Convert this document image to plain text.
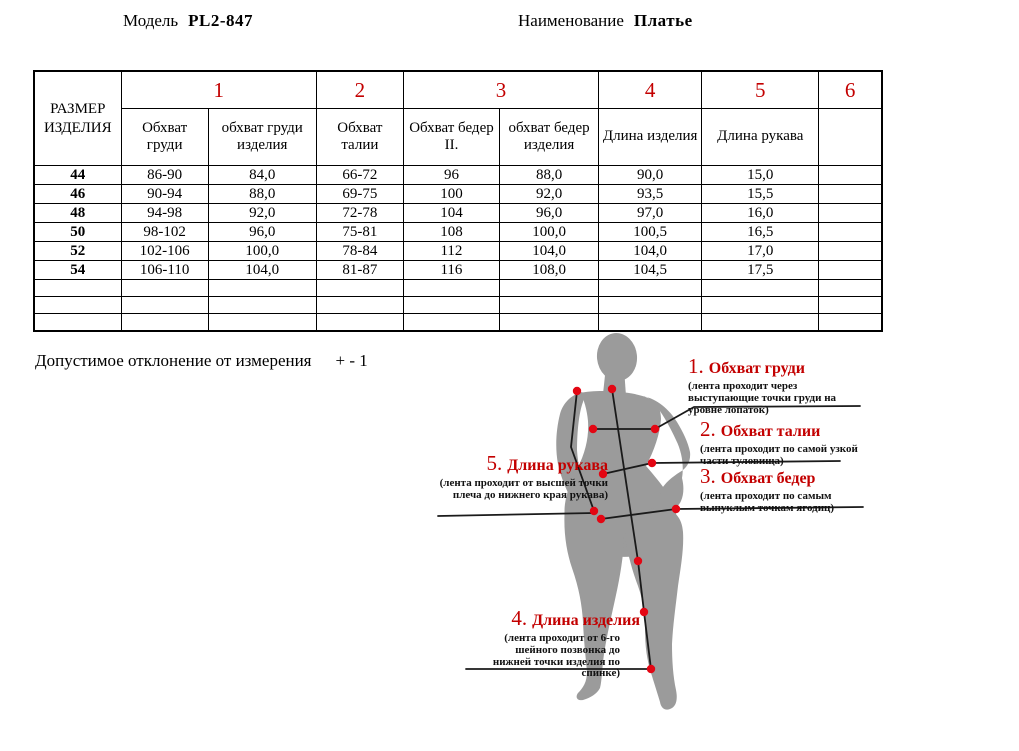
Модель PL2-847	Наименование Платье
РАЗМЕР ИЗДЕЛИЯ	1		2	3		4	5	6
	Обхват груди	обхват груди изделия	Обхват талии	Обхват бедер II.	обхват бедер изделия	Длина изделия	Длина рукава	
44	86-90	84,0	66-72	96	88,0	90,0	15,0	
46	90-94	88,0	69-75	100	92,0	93,5	15,5	
48	94-98	92,0	72-78	104	96,0	97,0	16,0	
50	98-102	96,0	75-81	108	100,0	100,5	16,5	
52	102-106	100,0	78-84	112	104,0	104,0	17,0	
54	106-110	104,0	81-87	116	108,0	104,5	17,5	

Допустимое отклонение от измерения + - 1	1. Обхват груди
(лента проходит через выступающие точки груди на уровне лопаток)
2. Обхват талии
(лента проходит по самой узкой части туловища)
3. Обхват бедер
(лента проходит по самым выпуклым точкам ягодиц)
5. Длина рукава
(лента проходит от высшей точки плеча до нижнего края рукава)
4. Длина изделия
(лента проходит от 6-го шейного позвонка до нижней точки изделия по спинке)
